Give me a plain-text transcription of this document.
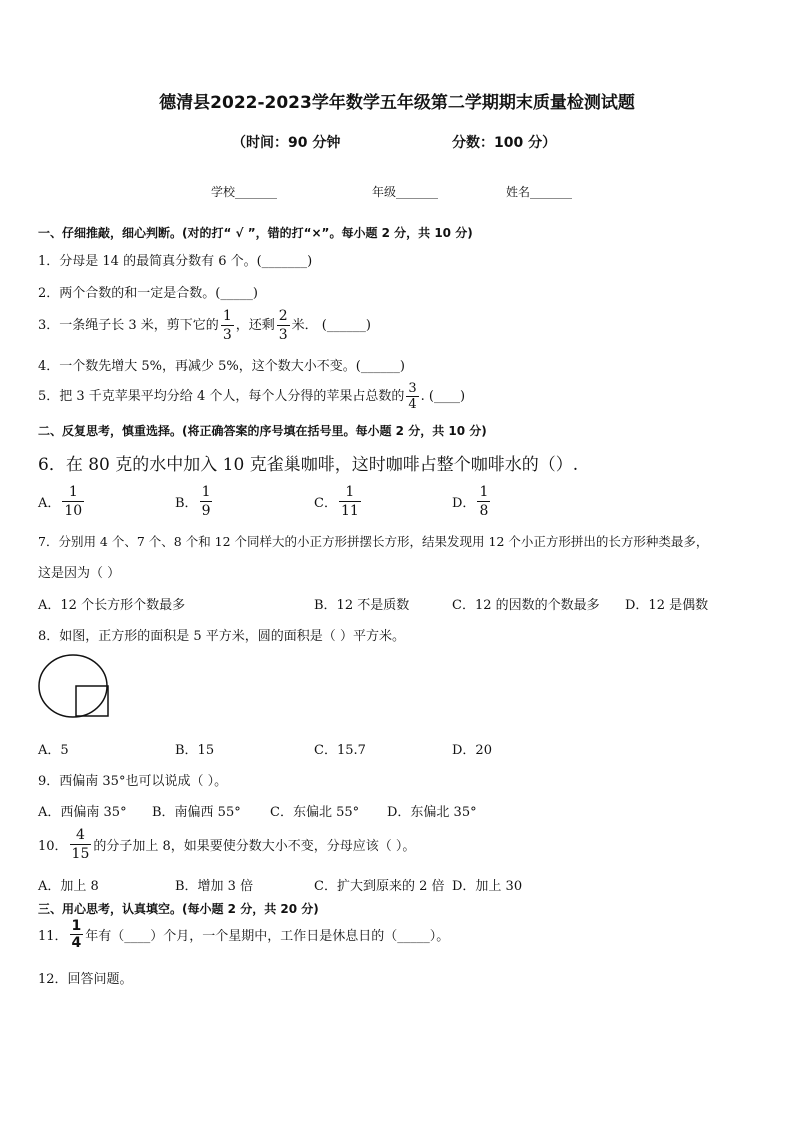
德清县2022-2023学年数学五年级第二学期期末质量检测试题
（时间：90 分钟	分数：100 分）
学校_______	年级_______	姓名_______
一、仔细推敲，细心判断。(对的打“ √ ”，错的打“×”。每小题 2 分，共 10 分)
1．分母是 14 的最简真分数有 6 个。(_______)
2．两个合数的和一定是合数。(_____)
3．一条绳子长 3 米，剪下它的 $\frac{1}{3}$ ，还剩 $\frac{2}{3}$ 米． (______)
4．一个数先增大 5%，再减少 5%，这个数大小不变。(______)
5．把 3 千克苹果平均分给 4 个人，每个人分得的苹果占总数的 $\frac{3}{4}$ . (____)
二、反复思考，慎重选择。(将正确答案的序号填在括号里。每小题 2 分，共 10 分)
6．在 80 克的水中加入 10 克雀巢咖啡，这时咖啡占整个咖啡水的（）.
A． $\frac{1}{10}$	B． $\frac{1}{9}$	C． $\frac{1}{11}$	D． $\frac{1}{8}$
7．分别用 4 个、7 个、8 个和 12 个同样大的小正方形拼摆长方形，结果发现用 12 个小正方形拼出的长方形种类最多，
这是因为（ ）
A．12 个长方形个数最多	B．12 不是质数	C．12 的因数的个数最多 D．12 是偶数
8．如图，正方形的面积是 5 平方米，圆的面积是（ ）平方米。
A．5	B．15	C．15.7	D．20
9．西偏南 35°也可以说成（ ）。
A．西偏南 35° B．南偏西 55° C．东偏北 55° D．东偏北 35°
10． $\frac{4}{15}$ 的分子加上 8，如果要使分数大小不变，分母应该（ ）。
A．加上 8	B．增加 3 倍	C．扩大到原来的 2 倍 D．加上 30
三、用心思考，认真填空。(每小题 2 分，共 20 分)
11． $\frac{1}{4}$ 年有（____）个月，一个星期中，工作日是休息日的（_____）。
12．回答问题。
